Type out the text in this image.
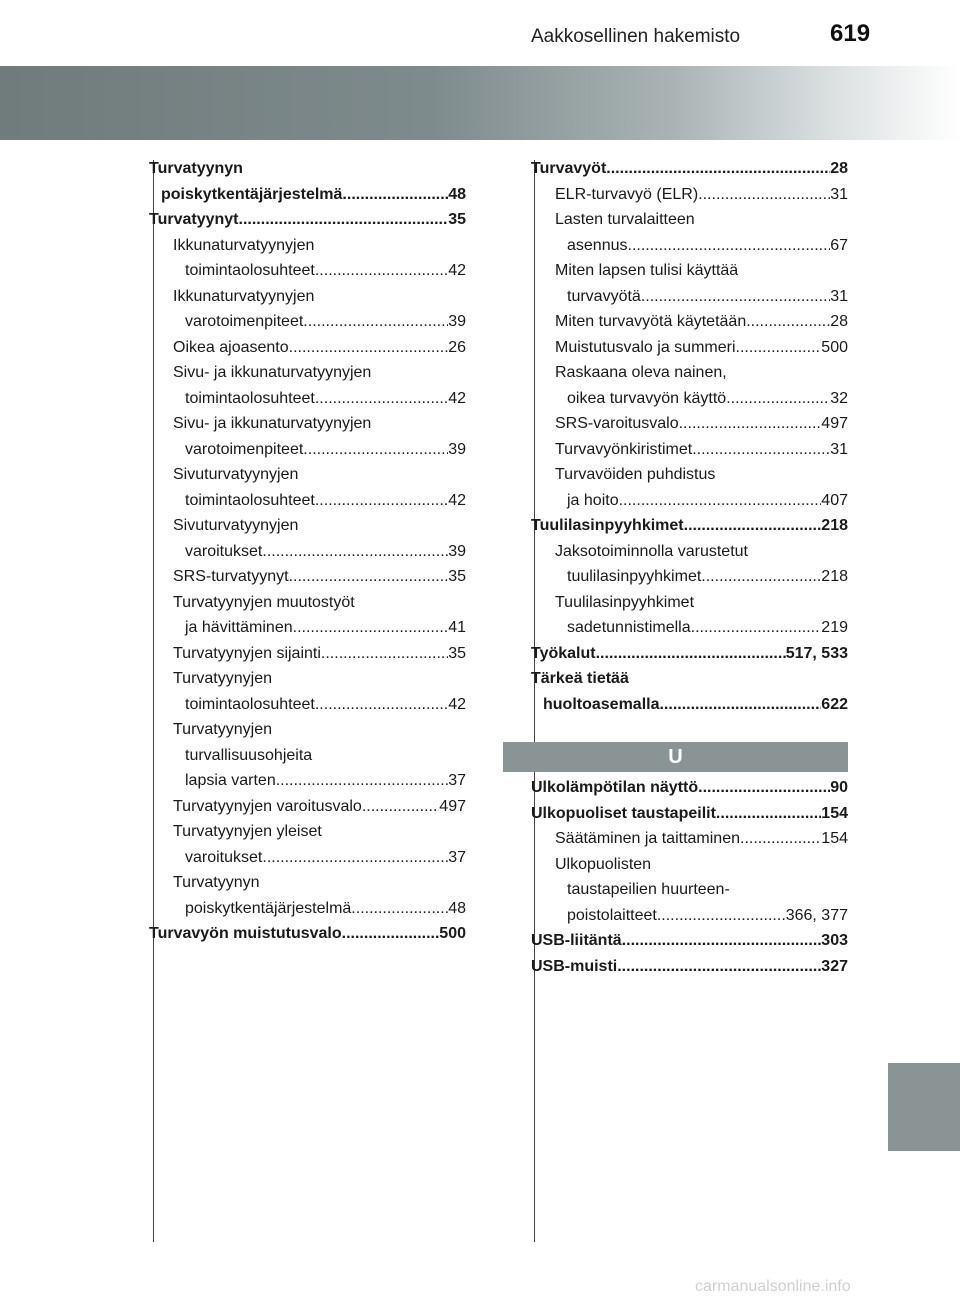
Aakkosellinen hakemisto	619
Turvatyynyn
poiskytkentäjärjestelmä .....	48
Turvatyynyt .....	35
Ikkunaturvatyynyjen
toimintaolosuhteet .....	42
Ikkunaturvatyynyjen
varotoimenpiteet .....	39
Oikea ajoasento .....	26
Sivu- ja ikkunaturvatyynyjen
toimintaolosuhteet .....	42
Sivu- ja ikkunaturvatyynyjen
varotoimenpiteet .....	39
Sivuturvatyynyjen
toimintaolosuhteet .....	42
Sivuturvatyynyjen
varoitukset .....	39
SRS-turvatyynyt .....	35
Turvatyynyjen muutostyöt
ja hävittäminen .....	41
Turvatyynyjen sijainti .....	35
Turvatyynyjen
toimintaolosuhteet .....	42
Turvatyynyjen
turvallisuusohjeita
lapsia varten .....	37
Turvatyynyjen varoitusvalo .....	497
Turvatyynyjen yleiset
varoitukset .....	37
Turvatyynyn
poiskytkentäjärjestelmä .....	48
Turvavyön muistutusvalo .....	500
Turvavyöt .....	28
ELR-turvavyö (ELR) .....	31
Lasten turvalaitteen
asennus .....	67
Miten lapsen tulisi käyttää
turvavyötä .....	31
Miten turvavyötä käytetään .....	28
Muistutusvalo ja summeri .....	500
Raskaana oleva nainen,
oikea turvavyön käyttö .....	32
SRS-varoitusvalo .....	497
Turvavyönkiristimet .....	31
Turvavöiden puhdistus
ja hoito .....	407
Tuulilasinpyyhkimet .....	218
Jaksotoiminnolla varustetut
tuulilasinpyyhkimet .....	218
Tuulilasinpyyhkimet
sadetunnistimella .....	219
Työkalut .....	517, 533
Tärkeä tietää
huoltoasemalla .....	622
U
Ulkolämpötilan näyttö .....	90
Ulkopuoliset taustapeilit .....	154
Säätäminen ja taittaminen .....	154
Ulkopuolisten
taustapeilien huurteen-
poistolaitteet .....	366, 377
USB-liitäntä .....	303
USB-muisti .....	327
carmanualsonline.info
